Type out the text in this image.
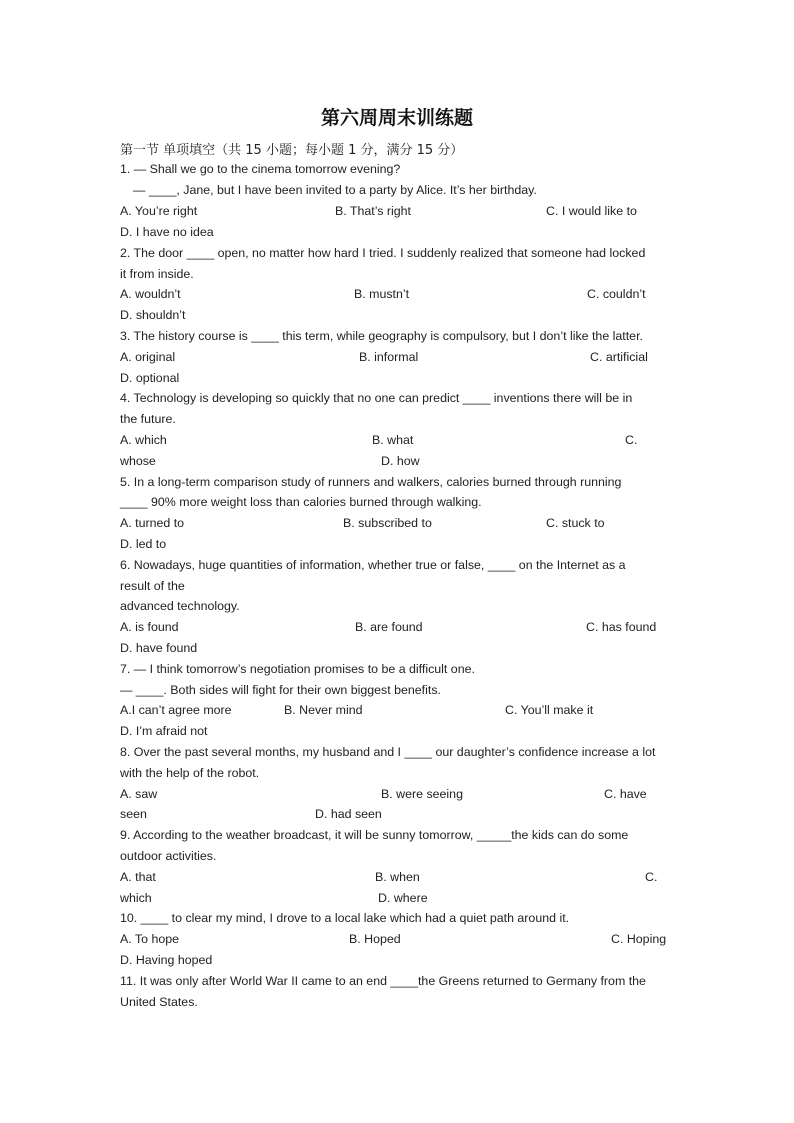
第六周周末训练题
第一节 单项填空（共 15 小题；每小题 1 分，满分 15 分）
1. — Shall we go to the cinema tomorrow evening?
— ____, Jane, but I have been invited to a party by Alice. It’s her birthday.
A. You’re right	B. That’s right	C. I would like to
D. I have no idea
2. The door ____ open, no matter how hard I tried. I suddenly realized that someone had locked
it from inside.
A. wouldn’t	B. mustn’t	C. couldn’t
D. shouldn’t
3. The history course is ____ this term, while geography is compulsory, but I don’t like the latter.
A. original	B. informal	C. artificial
D. optional
4. Technology is developing so quickly that no one can predict ____ inventions there will be in
the future.
A. which	B. what	C.
whose	D. how
5. In a long-term comparison study of runners and walkers, calories burned through running
____ 90% more weight loss than calories burned through walking.
A. turned to	B. subscribed to	C. stuck to
D. led to
6. Nowadays, huge quantities of information, whether true or false, ____ on the Internet as a
result of the
advanced technology.
A. is found	B. are found	C. has found
D. have found
7. — I think tomorrow’s negotiation promises to be a difficult one.
— ____. Both sides will fight for their own biggest benefits.
A.I can’t agree more	B. Never mind	C. You’ll make it
D. I’m afraid not
8. Over the past several months, my husband and I ____ our daughter’s confidence increase a lot
with the help of the robot.
A. saw	B. were seeing	C. have
seen	D. had seen
9. According to the weather broadcast, it will be sunny tomorrow, _____the kids can do some
outdoor activities.
A. that	B. when	C.
which	D. where
10. ____ to clear my mind, I drove to a local lake which had a quiet path around it.
A. To hope	B. Hoped	C. Hoping
D. Having hoped
11. It was only after World War II came to an end ____the Greens returned to Germany from the
United States.
